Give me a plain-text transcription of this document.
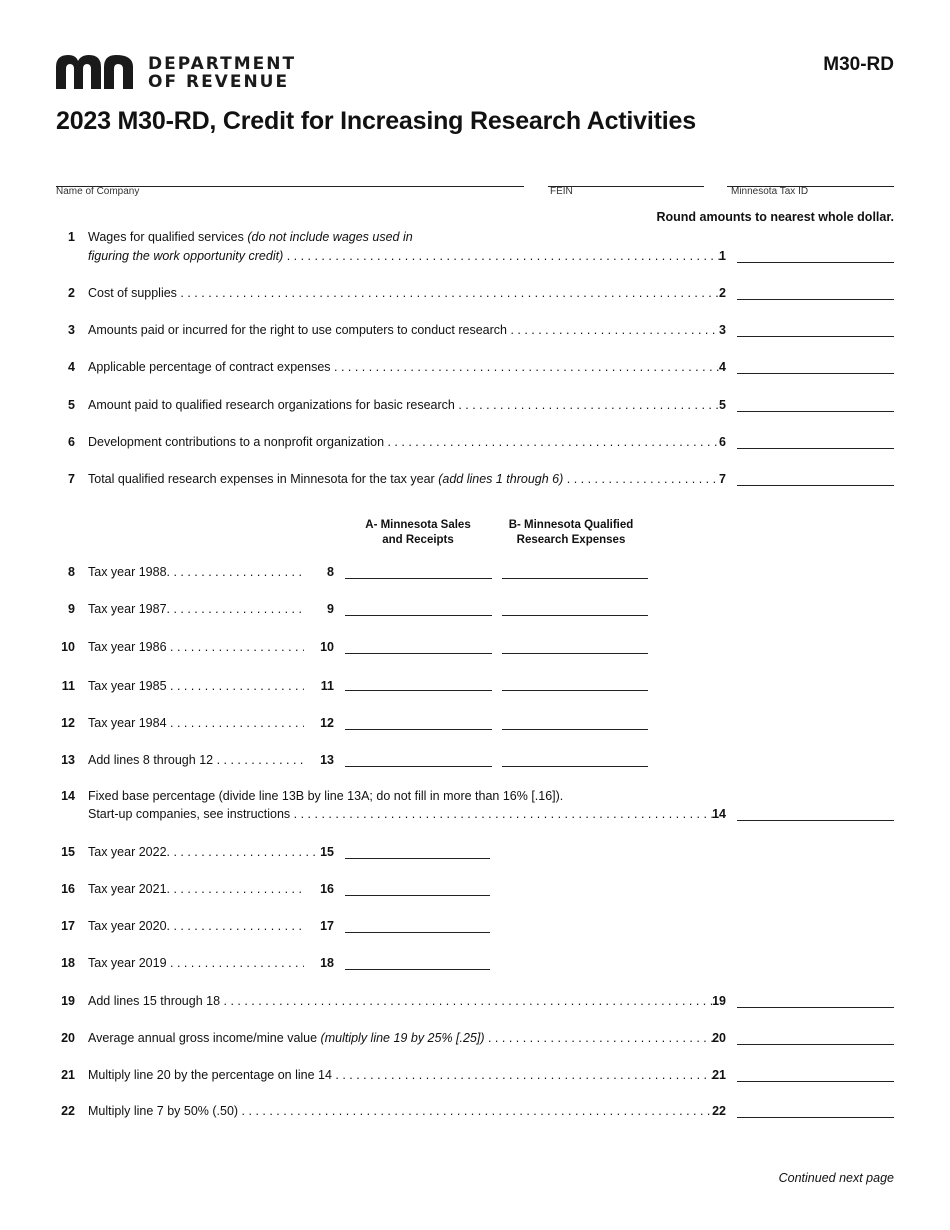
DEPARTMENT
OF REVENUE
M30-RD
2023 M30-RD, Credit for Increasing Research Activities
Name of Company	FEIN	Minnesota Tax ID
Round amounts to nearest whole dollar.
1 Wages for qualified services (do not include wages used in
figuring the work opportunity credit) . . .	1
2 Cost of supplies . . .	2
3 Amounts paid or incurred for the right to use computers to conduct research . . .	3
4 Applicable percentage of contract expenses . . .	4
5 Amount paid to qualified research organizations for basic research . . .	5
6 Development contributions to a nonprofit organization . . .	6
7 Total qualified research expenses in Minnesota for the tax year (add lines 1 through 6) . . .	7
A- Minnesota Sales
and Receipts
B- Minnesota Qualified
Research Expenses
8 Tax year 1988. . . .	8
9 Tax year 1987. . . .	9
10 Tax year 1986 . . .	10
11 Tax year 1985 . . .	11
12 Tax year 1984 . . .	12
13 Add lines 8 through 12 . . .	13
14 Fixed base percentage (divide line 13B by line 13A; do not fill in more than 16% [.16]).
Start-up companies, see instructions . . .	14
15 Tax year 2022. . . .	15
16 Tax year 2021. . . .	16
17 Tax year 2020. . . .	17
18 Tax year 2019 . . .	18
19 Add lines 15 through 18 . . .	19
20 Average annual gross income/mine value (multiply line 19 by 25% [.25]) . . .	20
21 Multiply line 20 by the percentage on line 14 . . .	21
22 Multiply line 7 by 50% (.50) . . .	22
Continued next page
